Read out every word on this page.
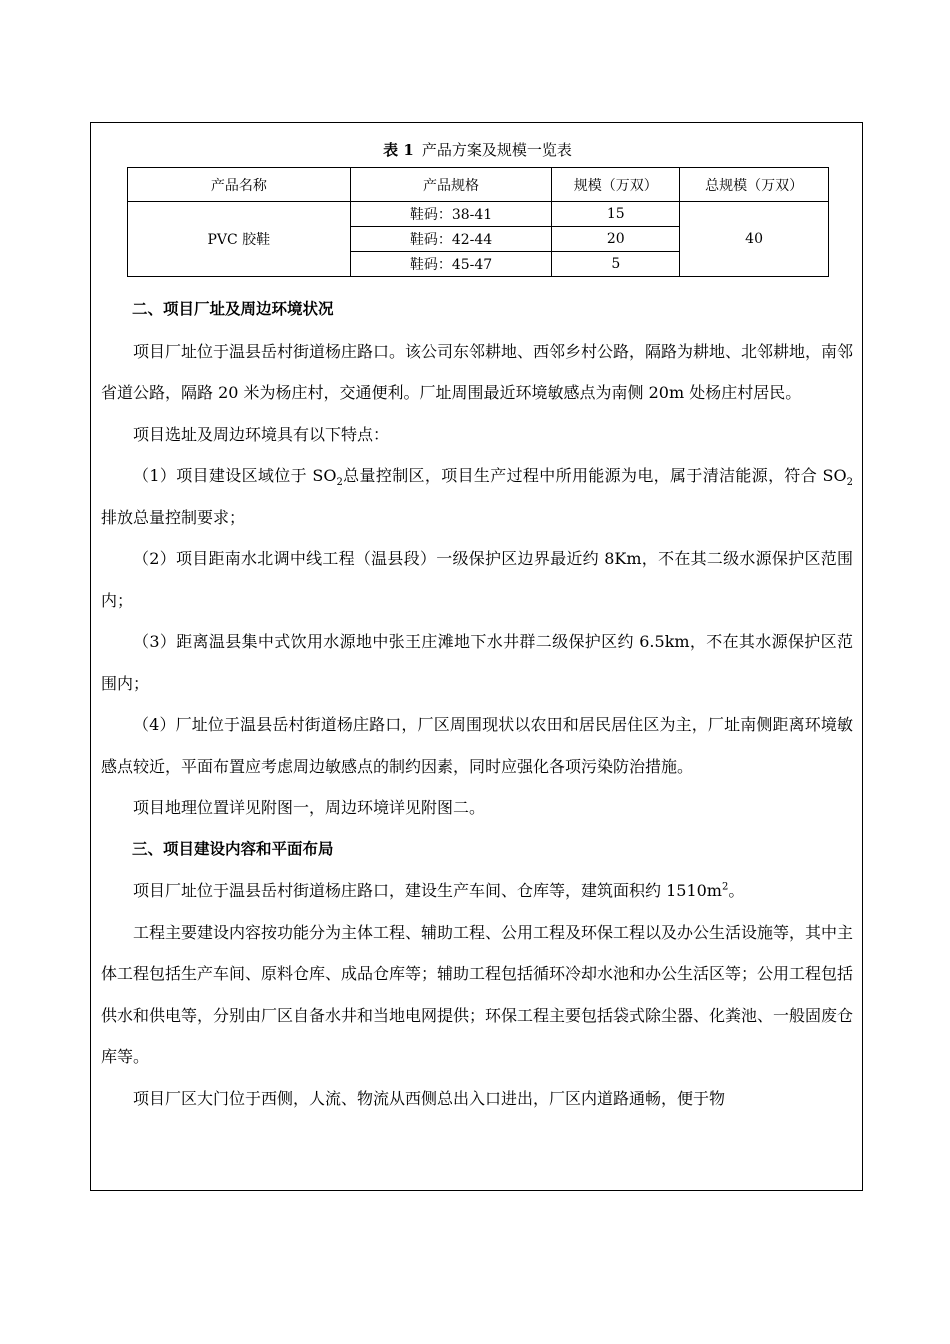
表 1 产品方案及规模一览表
产品名称	产品规格	规模（万双）	总规模（万双）
PVC 胶鞋	鞋码：38-41	15	40
	鞋码：42-44	20	
	鞋码：45-47	5	

二、项目厂址及周边环境状况

项目厂址位于温县岳村街道杨庄路口。该公司东邻耕地、西邻乡村公路，隔路为耕地、北邻耕地，南邻省道公路，隔路 20 米为杨庄村，交通便利。厂址周围最近环境敏感点为南侧 20m 处杨庄村居民。

项目选址及周边环境具有以下特点：

（1）项目建设区域位于 $SO_2$总量控制区，项目生产过程中所用能源为电，属于清洁能源，符合 $SO_2$排放总量控制要求；

（2）项目距南水北调中线工程（温县段）一级保护区边界最近约 8Km，不在其二级水源保护区范围内；

（3）距离温县集中式饮用水源地中张王庄滩地下水井群二级保护区约 6.5km，不在其水源保护区范围内；

（4）厂址位于温县岳村街道杨庄路口，厂区周围现状以农田和居民居住区为主，厂址南侧距离环境敏感点较近，平面布置应考虑周边敏感点的制约因素，同时应强化各项污染防治措施。

项目地理位置详见附图一，周边环境详见附图二。

三、项目建设内容和平面布局

项目厂址位于温县岳村街道杨庄路口，建设生产车间、仓库等，建筑面积约 $1510m^2$。

工程主要建设内容按功能分为主体工程、辅助工程、公用工程及环保工程以及办公生活设施等，其中主体工程包括生产车间、原料仓库、成品仓库等；辅助工程包括循环冷却水池和办公生活区等；公用工程包括供水和供电等，分别由厂区自备水井和当地电网提供；环保工程主要包括袋式除尘器、化粪池、一般固废仓库等。

项目厂区大门位于西侧，人流、物流从西侧总出入口进出，厂区内道路通畅，便于物
